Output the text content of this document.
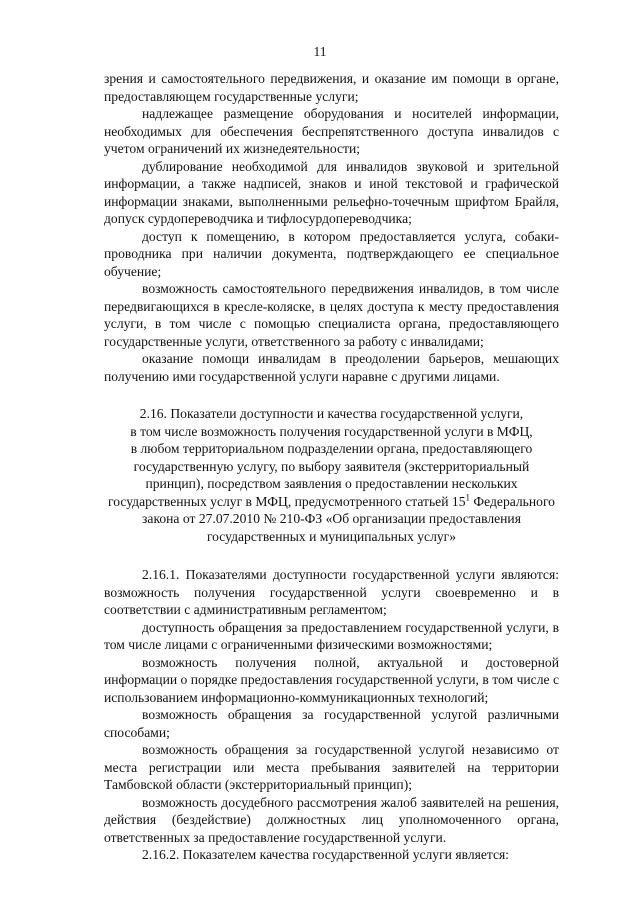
11

зрения и самостоятельного передвижения, и оказание им помощи в органе, предоставляющем государственные услуги;

надлежащее размещение оборудования и носителей информации, необходимых для обеспечения беспрепятственного доступа инвалидов с учетом ограничений их жизнедеятельности;

дублирование необходимой для инвалидов звуковой и зрительной информации, а также надписей, знаков и иной текстовой и графической информации знаками, выполненными рельефно-точечным шрифтом Брайля, допуск сурдопереводчика и тифлосурдопереводчика;

доступ к помещению, в котором предоставляется услуга, собаки-проводника при наличии документа, подтверждающего ее специальное обучение;

возможность самостоятельного передвижения инвалидов, в том числе передвигающихся в кресле-коляске, в целях доступа к месту предоставления услуги, в том числе с помощью специалиста органа, предоставляющего государственные услуги, ответственного за работу с инвалидами;

оказание помощи инвалидам в преодолении барьеров, мешающих получению ими государственной услуги наравне с другими лицами.

2.16. Показатели доступности и качества государственной услуги,
в том числе возможность получения государственной услуги в МФЦ,
в любом территориальном подразделении органа, предоставляющего
государственную услугу, по выбору заявителя (экстерриториальный
принцип), посредством заявления о предоставлении нескольких
государственных услуг в МФЦ, предусмотренного статьей $15^1$ Федерального
закона от 27.07.2010 № 210-ФЗ «Об организации предоставления
государственных и муниципальных услуг»

2.16.1. Показателями доступности государственной услуги являются: возможность получения государственной услуги своевременно и в соответствии с административным регламентом;

доступность обращения за предоставлением государственной услуги, в том числе лицами с ограниченными физическими возможностями;

возможность получения полной, актуальной и достоверной информации о порядке предоставления государственной услуги, в том числе с использованием информационно-коммуникационных технологий;

возможность обращения за государственной услугой различными способами;

возможность обращения за государственной услугой независимо от места регистрации или места пребывания заявителей на территории Тамбовской области (экстерриториальный принцип);

возможность досудебного рассмотрения жалоб заявителей на решения, действия (бездействие) должностных лиц уполномоченного органа, ответственных за предоставление государственной услуги.

2.16.2. Показателем качества государственной услуги является:
